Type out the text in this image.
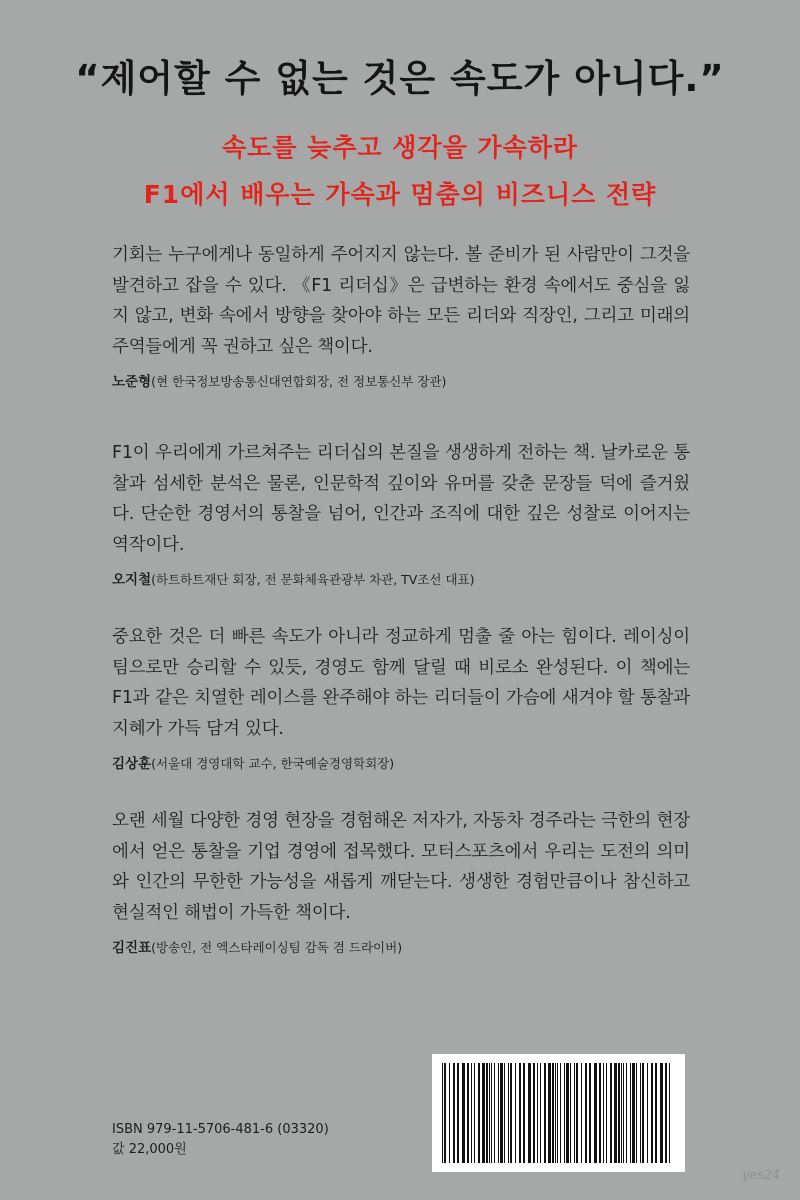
“제어할 수 없는 것은 속도가 아니다.”
속도를 늦추고 생각을 가속하라
F1에서 배우는 가속과 멈춤의 비즈니스 전략

기회는 누구에게나 동일하게 주어지지 않는다. 볼 준비가 된 사람만이 그것을 발견하고 잡을 수 있다. 《F1 리더십》은 급변하는 환경 속에서도 중심을 잃지 않고, 변화 속에서 방향을 찾아야 하는 모든 리더와 직장인, 그리고 미래의 주역들에게 꼭 권하고 싶은 책이다.

노준형(현 한국정보방송통신대연합회장, 전 정보통신부 장관)

F1이 우리에게 가르쳐주는 리더십의 본질을 생생하게 전하는 책. 날카로운 통찰과 섬세한 분석은 물론, 인문학적 깊이와 유머를 갖춘 문장들 덕에 즐거웠다. 단순한 경영서의 통찰을 넘어, 인간과 조직에 대한 깊은 성찰로 이어지는 역작이다.

오지철(하트하트재단 회장, 전 문화체육관광부 차관, TV조선 대표)

중요한 것은 더 빠른 속도가 아니라 정교하게 멈출 줄 아는 힘이다. 레이싱이 팀으로만 승리할 수 있듯, 경영도 함께 달릴 때 비로소 완성된다. 이 책에는 F1과 같은 치열한 레이스를 완주해야 하는 리더들이 가슴에 새겨야 할 통찰과 지혜가 가득 담겨 있다.

김상훈(서울대 경영대학 교수, 한국예술경영학회장)

오랜 세월 다양한 경영 현장을 경험해온 저자가, 자동차 경주라는 극한의 현장에서 얻은 통찰을 기업 경영에 접목했다. 모터스포츠에서 우리는 도전의 의미와 인간의 무한한 가능성을 새롭게 깨닫는다. 생생한 경험만큼이나 참신하고 현실적인 해법이 가득한 책이다.

김진표(방송인, 전 엑스타레이싱팀 감독 겸 드라이버)
ISBN 979-11-5706-481-6 (03320)
값 22,000원
yes24
